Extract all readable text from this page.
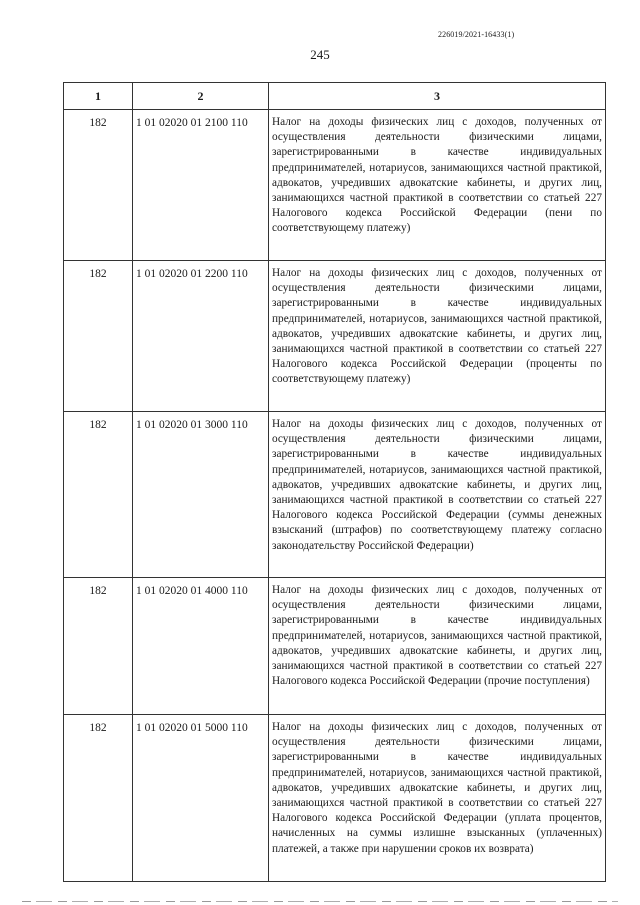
226019/2021-16433(1)
245
1	2	3
182	1 01 02020 01 2100 110	Налог на доходы физических лиц с доходов, полученных от осуществления деятельности физическими лицами, зарегистрированными в качестве индивидуальных предпринимателей, нотариусов, занимающихся частной практикой, адвокатов, учредивших адвокатские кабинеты, и других лиц, занимающихся частной практикой в соответствии со статьей 227 Налогового кодекса Российской Федерации (пени по соответствующему платежу)
182	1 01 02020 01 2200 110	Налог на доходы физических лиц с доходов, полученных от осуществления деятельности физическими лицами, зарегистрированными в качестве индивидуальных предпринимателей, нотариусов, занимающихся частной практикой, адвокатов, учредивших адвокатские кабинеты, и других лиц, занимающихся частной практикой в соответствии со статьей 227 Налогового кодекса Российской Федерации (проценты по соответствующему платежу)
182	1 01 02020 01 3000 110	Налог на доходы физических лиц с доходов, полученных от осуществления деятельности физическими лицами, зарегистрированными в качестве индивидуальных предпринимателей, нотариусов, занимающихся частной практикой, адвокатов, учредивших адвокатские кабинеты, и других лиц, занимающихся частной практикой в соответствии со статьей 227 Налогового кодекса Российской Федерации (суммы денежных взысканий (штрафов) по соответствующему платежу согласно законодательству Российской Федерации)
182	1 01 02020 01 4000 110	Налог на доходы физических лиц с доходов, полученных от осуществления деятельности физическими лицами, зарегистрированными в качестве индивидуальных предпринимателей, нотариусов, занимающихся частной практикой, адвокатов, учредивших адвокатские кабинеты, и других лиц, занимающихся частной практикой в соответствии со статьей 227 Налогового кодекса Российской Федерации (прочие поступления)
182	1 01 02020 01 5000 110	Налог на доходы физических лиц с доходов, полученных от осуществления деятельности физическими лицами, зарегистрированными в качестве индивидуальных предпринимателей, нотариусов, занимающихся частной практикой, адвокатов, учредивших адвокатские кабинеты, и других лиц, занимающихся частной практикой в соответствии со статьей 227 Налогового кодекса Российской Федерации (уплата процентов, начисленных на суммы излишне взысканных (уплаченных) платежей, а также при нарушении сроков их возврата)
